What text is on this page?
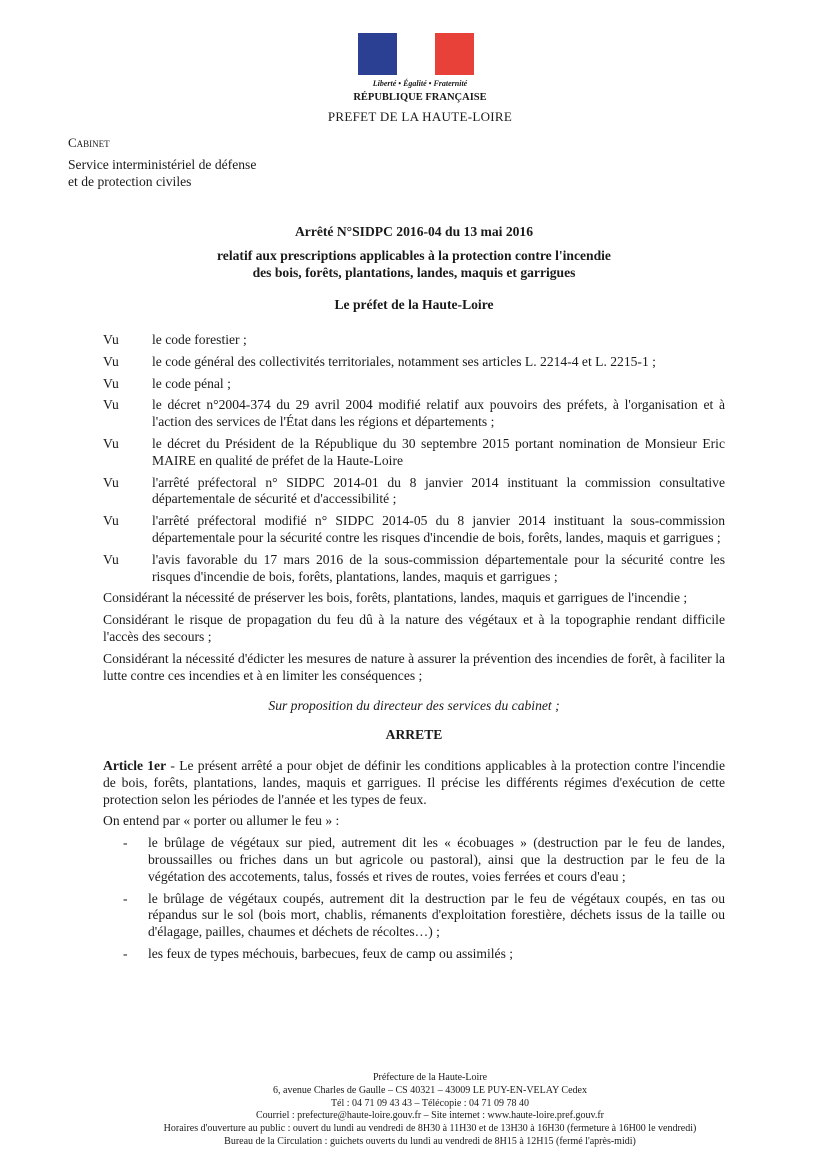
Liberté • Égalité • Fraternité
RÉPUBLIQUE FRANÇAISE
PREFET DE LA HAUTE-LOIRE
Cabinet
Service interministériel de défense
et de protection civiles
Arrêté N°SIDPC 2016-04 du 13 mai 2016
relatif aux prescriptions applicables à la protection contre l'incendie
des bois, forêts, plantations, landes, maquis et garrigues
Le préfet de la Haute-Loire
Vu	le code forestier ;
Vu	le code général des collectivités territoriales, notamment ses articles L. 2214-4 et L. 2215-1 ;
Vu	le code pénal ;
Vu	le décret n°2004-374 du 29 avril 2004 modifié relatif aux pouvoirs des préfets, à l'organisation et à l'action des services de l'État dans les régions et départements ;
Vu	le décret du Président de la République du 30 septembre 2015 portant nomination de Monsieur Eric MAIRE en qualité de préfet de la Haute-Loire
Vu	l'arrêté préfectoral n° SIDPC 2014-01 du 8 janvier 2014 instituant la commission consultative départementale de sécurité et d'accessibilité ;
Vu	l'arrêté préfectoral modifié n° SIDPC 2014-05 du 8 janvier 2014 instituant la sous-commission départementale pour la sécurité contre les risques d'incendie de bois, forêts, landes, maquis et garrigues ;
Vu	l'avis favorable du 17 mars 2016 de la sous-commission départementale pour la sécurité contre les risques d'incendie de bois, forêts, plantations, landes, maquis et garrigues ;
Considérant la nécessité de préserver les bois, forêts, plantations, landes, maquis et garrigues de l'incendie ;
Considérant le risque de propagation du feu dû à la nature des végétaux et à la topographie rendant difficile l'accès des secours ;
Considérant la nécessité d'édicter les mesures de nature à assurer la prévention des incendies de forêt, à faciliter la lutte contre ces incendies et à en limiter les conséquences ;
Sur proposition du directeur des services du cabinet ;
ARRETE
Article 1er - Le présent arrêté a pour objet de définir les conditions applicables à la protection contre l'incendie de bois, forêts, plantations, landes, maquis et garrigues. Il précise les différents régimes d'exécution de cette protection selon les périodes de l'année et les types de feux.
On entend par « porter ou allumer le feu » :
-	le brûlage de végétaux sur pied, autrement dit les « écobuages » (destruction par le feu de landes, broussailles ou friches dans un but agricole ou pastoral), ainsi que la destruction par le feu de la végétation des accotements, talus, fossés et rives de routes, voies ferrées et cours d'eau ;
-	le brûlage de végétaux coupés, autrement dit la destruction par le feu de végétaux coupés, en tas ou répandus sur le sol (bois mort, chablis, rémanents d'exploitation forestière, déchets issus de la taille ou d'élagage, pailles, chaumes et déchets de récoltes…) ;
-	les feux de types méchouis, barbecues, feux de camp ou assimilés ;
Préfecture de la Haute-Loire
6, avenue Charles de Gaulle – CS 40321 – 43009 LE PUY-EN-VELAY Cedex
Tél : 04 71 09 43 43 – Télécopie : 04 71 09 78 40
Courriel : prefecture@haute-loire.gouv.fr – Site internet : www.haute-loire.pref.gouv.fr
Horaires d'ouverture au public : ouvert du lundi au vendredi de 8H30 à 11H30 et de 13H30 à 16H30 (fermeture à 16H00 le vendredi)
Bureau de la Circulation : guichets ouverts du lundi au vendredi de 8H15 à 12H15 (fermé l'après-midi)
